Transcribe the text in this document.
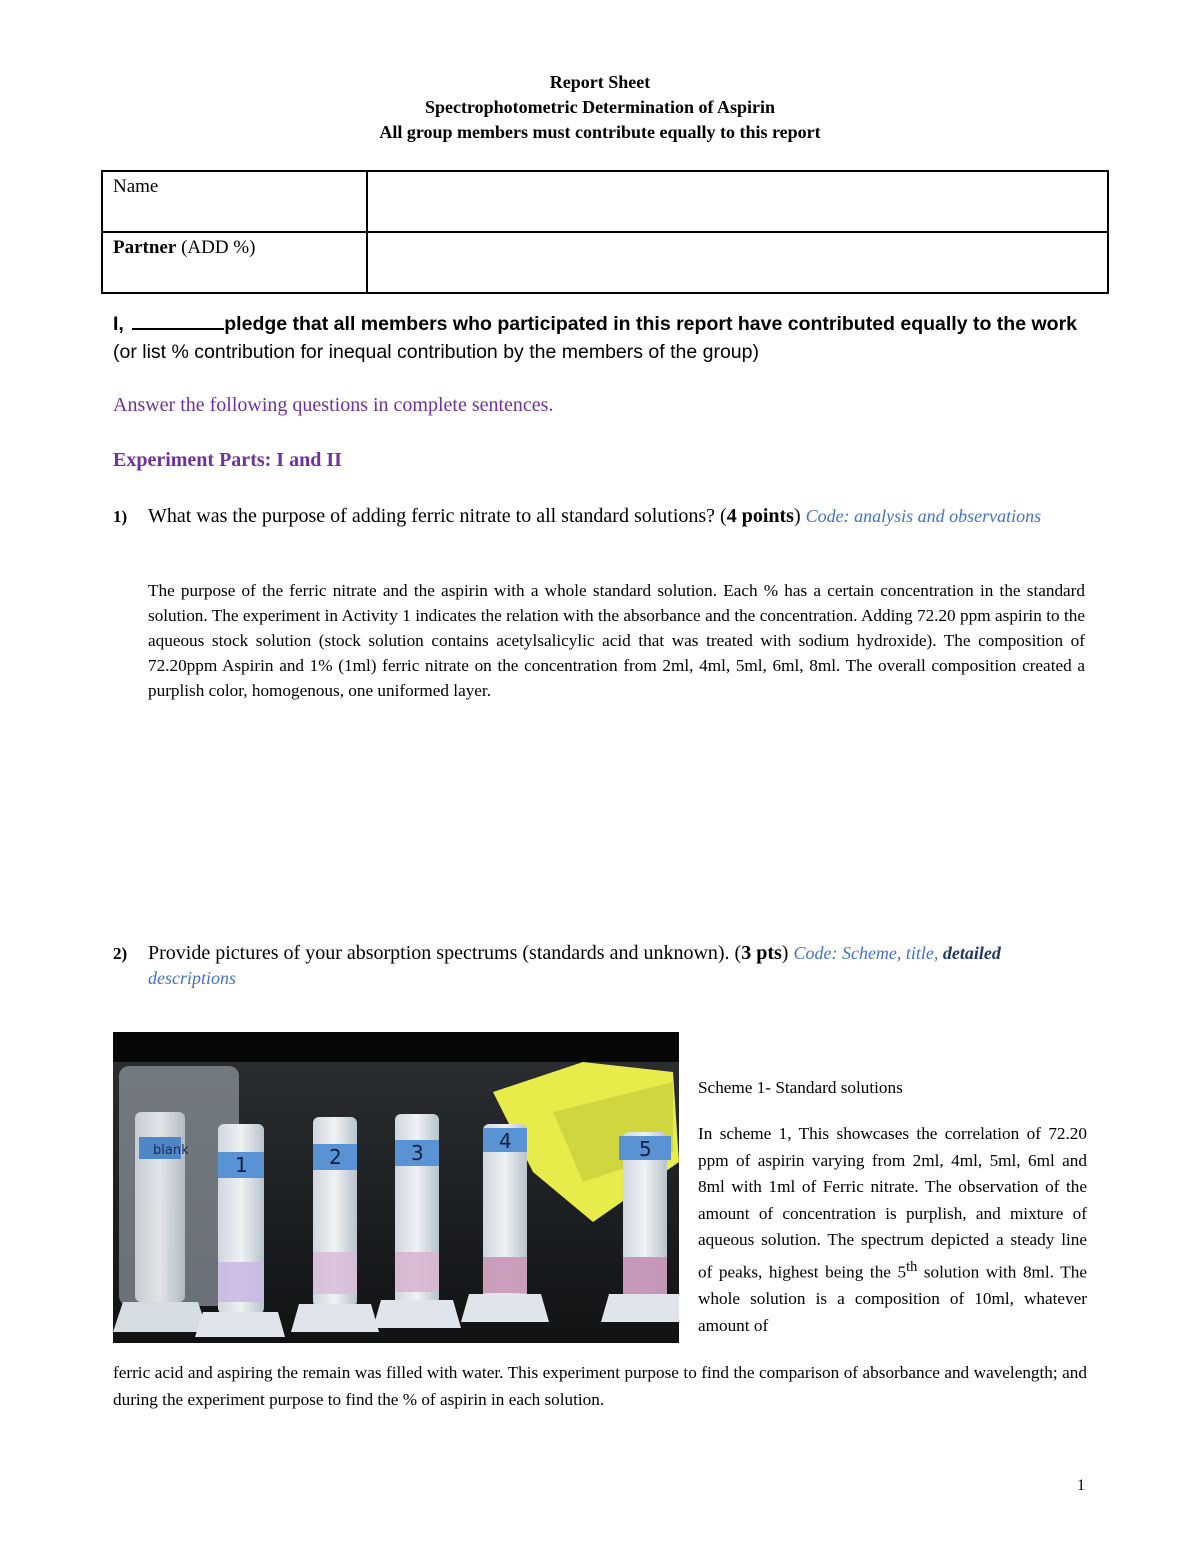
Report Sheet
Spectrophotometric Determination of Aspirin
All group members must contribute equally to this report
Name	
Partner (ADD %)	
I,	pledge that all members who participated in this report have contributed equally to the work (or list % contribution for inequal contribution by the members of the group)
Answer the following questions in complete sentences.
Experiment Parts: I and II
1) What was the purpose of adding ferric nitrate to all standard solutions? (4 points) Code: analysis and observations
The purpose of the ferric nitrate and the aspirin with a whole standard solution. Each % has a certain concentration in the standard solution. The experiment in Activity 1 indicates the relation with the absorbance and the concentration. Adding 72.20 ppm aspirin to the aqueous stock solution (stock solution contains acetylsalicylic acid that was treated with sodium hydroxide). The composition of 72.20ppm Aspirin and 1% (1ml) ferric nitrate on the concentration from 2ml, 4ml, 5ml, 6ml, 8ml. The overall composition created a purplish color, homogenous, one uniformed layer.
2) Provide pictures of your absorption spectrums (standards and unknown). (3 pts) Code: Scheme, title, detailed descriptions
blank
1	2	3	4	5
Scheme 1- Standard solutions
In scheme 1, This showcases the correlation of 72.20 ppm of aspirin varying from 2ml, 4ml, 5ml, 6ml and 8ml with 1ml of Ferric nitrate. The observation of the amount of concentration is purplish, and mixture of aqueous solution. The spectrum depicted a steady line of peaks, highest being the 5th solution with 8ml. The whole solution is a composition of 10ml, whatever amount of
ferric acid and aspiring the remain was filled with water. This experiment purpose to find the comparison of absorbance and wavelength; and during the experiment purpose to find the % of aspirin in each solution.
1
